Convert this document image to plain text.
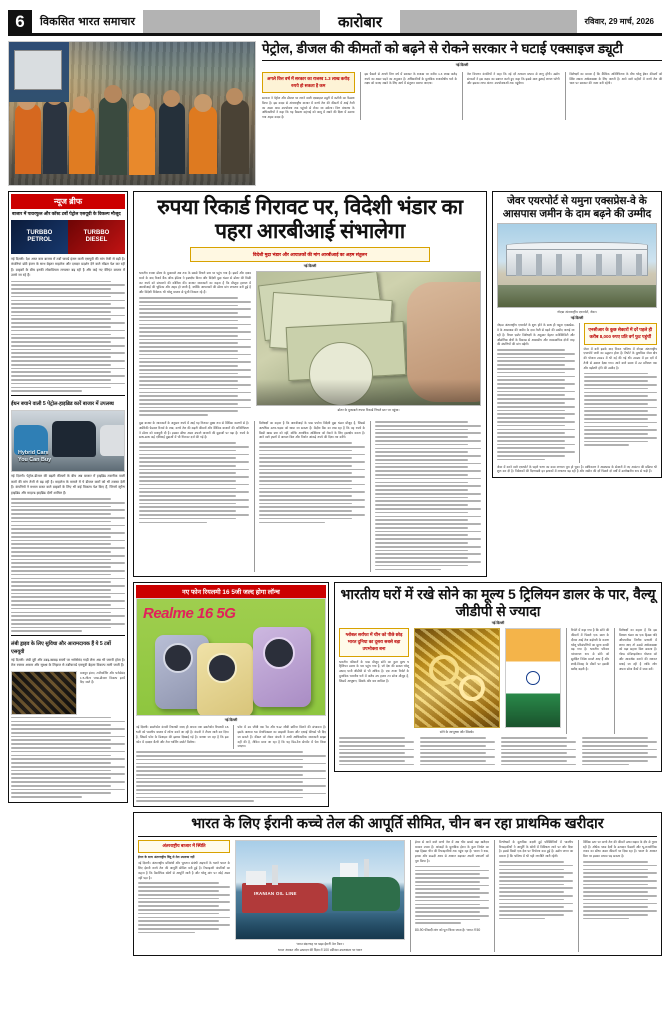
6	विकसित भारत समाचार	कारोबार	रविवार, 29 मार्च, 2026
पेट्रोल, डीजल की कीमतों को बढ़ने से रोकने सरकार ने घटाई एक्साइज ड्यूटी
नई दिल्ली
अगले वित्त वर्ष में सरकार का राजस्व 1.3 लाख करोड़ रुपये हो सकता है कम
सरकार ने पेट्रोल और डीजल पर लगने वाली एक्साइज ड्यूटी में कटौती का फैसला किया है। इस कदम से अंतरराष्ट्रीय बाजार में कच्चे तेल की कीमतों में आई तेजी का असर आम उपभोक्ता तक पहुंचने से रोका जा सकेगा। वित्त मंत्रालय के अधिकारियों ने कहा कि यह फैसला महंगाई को काबू में रखने की दिशा में उठाया गया अहम कदम है।
इस फैसले से अगले वित्त वर्ष में सरकार के राजस्व पर करीब 1.3 लाख करोड़ रुपये का असर पड़ने का अनुमान है। अधिकारियों के मुताबिक राजकोषीय घाटे के लक्ष्य को बनाए रखने के लिए खर्च में संतुलन बनाया जाएगा।
तेल विपणन कंपनियों ने कहा कि नई दरें तत्काल प्रभाव से लागू होंगी। उद्योग संगठनों ने इस कदम का स्वागत करते हुए कहा कि इससे माल ढुलाई लागत घटेगी और इसका लाभ अंतत: उपभोक्ताओं तक पहुंचेगा।
विशेषज्ञों का मानना है कि वैश्विक अनिश्चितता के बीच घरेलू ईंधन कीमतों को स्थिर रखना अर्थव्यवस्था के लिए जरूरी है। आने वाले महीनों में कच्चे तेल की चाल पर सरकार की नजर बनी रहेगी।
न्यूज ब्रीफ
बाजार में पावरफुल और कॉस्ट टर्बो पेट्रोल एसयूवी के विकल्प मौजूद
TURBBO
PETROL
TURBBO
DIESEL
नई दिल्ली। देश आज कार बाजार में टर्बो चार्ज्ड इंजन वाली एसयूवी की मांग तेजी से बढ़ी है। कंपनियां छोटे इंजन के साथ बेहतर माइलेज और दमदार प्रदर्शन देने वाले मॉडल पेश कर रही हैं। ग्राहकों के बीच इनकी लोकप्रियता लगातार बढ़ रही है और कई नए वेरिएंट बाजार में उतारे जा रहे हैं।
ईंधन बचाने वाली 5 पेट्रोल-हाइब्रिड कारें बाजार में उपलब्ध
Hybrid Cars
You Can Buy
नई दिल्ली। पेट्रोल-डीजल की बढ़ती कीमतों के बीच अब बाजार में हाइब्रिड तकनीक वाली कारों की मांग तेजी से बढ़ रही है। माइलेज के मामले में ये डीजल कारों को भी टक्कर देती हैं। कंपनियों ने मध्यम बजट वाले ग्राहकों के लिए भी कई विकल्प पेश किए हैं, जिनमें स्ट्रॉन्ग हाइब्रिड और माइल्ड हाइब्रिड दोनों शामिल हैं।
लंबी ड्राइव के लिए सुविधा और आरामदायक हैं ये 5 टर्बो एसयूवी
नई दिल्ली। लंबी दूरी और उबड़-खाबड़ रास्तों पर भरोसेमंद गाड़ी लेना अब भी जरूरी होता है। तेज रफ्तार आराम और सुरक्षा के लिहाज से टर्बोचार्ज्ड एसयूवी बेहतर विकल्प मानी जाती हैं।
मजबूत इंजन, टर्बोचार्जिंग और भरोसेमंद 1.5-लीटर प्लस-डीजल विकल्प इनमें दिए जाते हैं।
रुपया रिकार्ड गिरावट पर, विदेशी भंडार का पहरा आरबीआई संभालेगा
विदेशी मुद्रा भंडार और आयातकों की मांग आरबीआई का अहम संतुलन
नई दिल्ली
भारतीय रुपया डॉलर के मुकाबले अब तक के सबसे निचले स्तर पर पहुंच गया है। इसमें और दबाव बनने के बाद रिजर्व बैंक ऑफ इंडिया ने हस्तक्षेप किया और विदेशी मुद्रा भंडार से डॉलर की बिक्री कर रुपये को संभालने की कोशिश की। बाजार जानकारों का कहना है कि मौजूदा हालात में आरबीआई की भूमिका और अहम हो जाती है, क्योंकि आयातकों की डॉलर मांग लगातार बनी हुई है और विदेशी निवेशक भी घरेलू बाजार से पूंजी निकाल रहे हैं।
डॉलर के मुकाबले रुपया रिकार्ड निचले स्तर पर पहुंचा।
मुद्रा बाजार के जानकारों के अनुसार रुपये में आई यह गिरावट मुख्य रूप से वैश्विक कारणों से है। अमेरिकी फेडरल रिजर्व के रुख, कच्चे तेल की बढ़ती कीमतों और वैश्विक बाजारों की अनिश्चितता ने डॉलर को मजबूती दी है। इसका सीधा असर उभरते बाजारों की मुद्राओं पर पड़ा है। रुपये के साथ-साथ कई एशियाई मुद्राओं में भी गिरावट दर्ज की गई है।
विशेषज्ञों का कहना है कि आरबीआई के पास पर्याप्त विदेशी मुद्रा भंडार मौजूद है, जिससे अत्यधिक उतार-चढ़ाव को थामा जा सकता है। केंद्रीय बैंक का रुख रहा है कि वह रुपये के किसी खास स्तर को नहीं, बल्कि अत्यधिक अस्थिरता को रोकने के लिए हस्तक्षेप करता है। आने वाले हफ्तों में आयात बिल और निर्यात आंकड़े रुपये की दिशा तय करेंगे।
जेवर एयरपोर्ट से यमुना एक्सप्रेस-वे के आसपास जमीन के दाम बढ़ने की उम्मीद
नोएडा अंतरराष्ट्रीय एयरपोर्ट, जेवर।
नई दिल्ली
नोएडा अंतरराष्ट्रीय एयरपोर्ट के शुरू होने के साथ ही यमुना एक्सप्रेस-वे के आसपास की जमीन के दाम तेजी से बढ़ने की उम्मीद जताई जा रही है। रियल एस्टेट विशेषज्ञों के अनुसार बेहतर कनेक्टिविटी और औद्योगिक क्षेत्रों के विकास से आवासीय और व्यावसायिक दोनों तरह की संपत्तियों की मांग बढ़ेगी।
एनसीआर के कुछ सेक्टरों में दरें पहले ही करीब 8,000 रुपए प्रति वर्ग फुट पहुंचीं
जेवर में बनी इसके बाद निकट भविष्य में नोएडा अंतरराष्ट्रीय एयरपोर्ट जारी का उद्घाटन होना है। रिपोर्ट के मुताबिक जेवर क्षेत्र की योजना 2021 में भी नई की गई थी। 2020 में इन दरों में तेजी से उछाल देखा गया। आने वाले समय में 22 प्रतिशत तक और बढ़ोतरी होने की उम्मीद है।
जेवर में बनने वाले एयरपोर्ट के पहले चरण का काम लगभग पूरा हो चुका है। प्राधिकरण ने आसपास के सेक्टरों में नए आवंटन की प्रक्रिया भी शुरू कर दी है। निवेशकों की दिलचस्पी इन इलाकों में लगातार बढ़ रही है और जमीन की दरें पिछले दो वर्षों में उल्लेखनीय रूप से चढ़ी हैं।
नए फोन रियलमी 16 5जी जल्द होगा लॉन्च
Realme 16 5G
नई दिल्ली
नई दिल्ली। स्मार्टफोन कंपनी रियलमी जल्द ही अपना नया स्मार्टफोन रियलमी 16 5जी को भारतीय बाजार में लॉन्च करने जा रही है। कंपनी ने टीजर जारी कर दिया है, जिसमें फोन के डिजाइन की झलक दिखाई गई है। बताया जा रहा है कि इस फोन में दमदार बैटरी और तेज चार्जिंग सपोर्ट मिलेगा।
फोन में 16 जीबी तक रैम और 512 जीबी स्टोरेज मिलने की संभावना है। इसके अलावा 50 मेगापिक्सल का प्राइमरी कैमरा और एआई फीचर्स भी दिए जा सकते हैं। कीमत को लेकर कंपनी ने अभी आधिकारिक जानकारी साझा नहीं की है, लेकिन माना जा रहा है कि यह मिड-रेंज सेगमेंट में पेश किया जाएगा।
भारतीय घरों में रखे सोने का मूल्य 5 ट्रिलियन डालर के पार, वैल्यू जीडीपी से ज्यादा
नई दिल्ली
ग्लोबल सर्राफा में चीन को पीछे छोड़ भारत दुनिया का दूसरा सबसे बड़ा उपभोक्ता बना
भारतीय परिवारों के पास मौजूद सोने का कुल मूल्य 5 ट्रिलियन डालर के पार पहुंच गया है, जो देश की सकल घरेलू उत्पाद यानी जीडीपी से भी अधिक है। एक ताजा रिपोर्ट के मुताबिक भारतीय घरों में करीब 25 हजार टन सोना मौजूद है, जिसमें आभूषण, सिक्के और बार शामिल हैं।
सोने के आभूषण और सिक्के।
रिपोर्ट में कहा गया है कि सोने की कीमतों में पिछले एक साल के दौरान आई तेज बढ़ोतरी के कारण घरेलू परिसंपत्तियों का मूल्य काफी बढ़ गया है। भारतीय परिवार परंपरागत रूप से सोने को सुरक्षित निवेश मानते आए हैं और शादी-विवाह के मौकों पर इसकी खरीद बढ़ती है।
विशेषज्ञों का कहना है कि इस विशाल भंडार का एक हिस्सा यदि औपचारिक वित्तीय प्रणाली में लाया जाए तो उससे अर्थव्यवस्था को बड़ा सहारा मिल सकता है। गोल्ड मोनेटाइजेशन योजना को और आकर्षक बनाने की जरूरत बताई जा रही है ताकि लोग अपना सोना बैंकों में जमा करें।
भारत के लिए ईरानी कच्चे तेल की आपूर्ति सीमित, चीन बन रहा प्राथमिक खरीदार
अंतरराष्ट्रीय बाजार में स्थिति
ईरान के साथ अंतरराष्ट्रीय बिंदु से तेल उपलब्ध नहीं
नई दिल्ली। अंतरराष्ट्रीय प्रतिबंधों और भुगतान संबंधी अड़चनों के चलते भारत के लिए ईरानी कच्चे तेल की आपूर्ति सीमित बनी हुई है। रिफाइनरी कंपनियों का कहना है कि वैकल्पिक स्रोतों से आपूर्ति जारी है और घरेलू मांग पर कोई असर नहीं पड़ा है।
IRANIAN OIL LINE
भारत बंदरगाह पर खड़ा ईरानी तेल टैंकर।
भारत आयात और उत्पादन की दिशा में 100 प्रतिशत उपलब्धता पर ध्यान
ईरान से आने वाले कच्चे तेल में अब चीन सबसे बड़ा खरीदार बनकर उभरा है। आंकड़ों के मुताबिक ईरान के कुल निर्यात का बड़ा हिस्सा चीन की रिफाइनरियों तक पहुंच रहा है। भारत ने रूस, इराक और सऊदी अरब से आयात बढ़ाकर अपनी जरूरतों को पूरा किया है।
80-90 फीसदी मांग को पूरा किया जाता है। भारत में 50
विश्लेषकों के मुताबिक बदली हुई परिस्थितियों में भारतीय रिफाइनरियों ने आपूर्ति के स्रोतों में विविधता लाने पर जोर दिया है। इससे किसी एक देश पर निर्भरता कम हुई है। उद्योग जगत का मानना है कि भविष्य में भी यही रणनीति जारी रहेगी।
वैश्विक स्तर पर कच्चे तेल की कीमतें उतार-चढ़ाव के दौर से गुजर रही हैं। ओपेक प्लस देशों के उत्पादन फैसलों और भू-राजनीतिक तनाव का सीधा असर कीमतों पर दिख रहा है। भारत के आयात बिल पर इसका प्रभाव पड़ सकता है।
